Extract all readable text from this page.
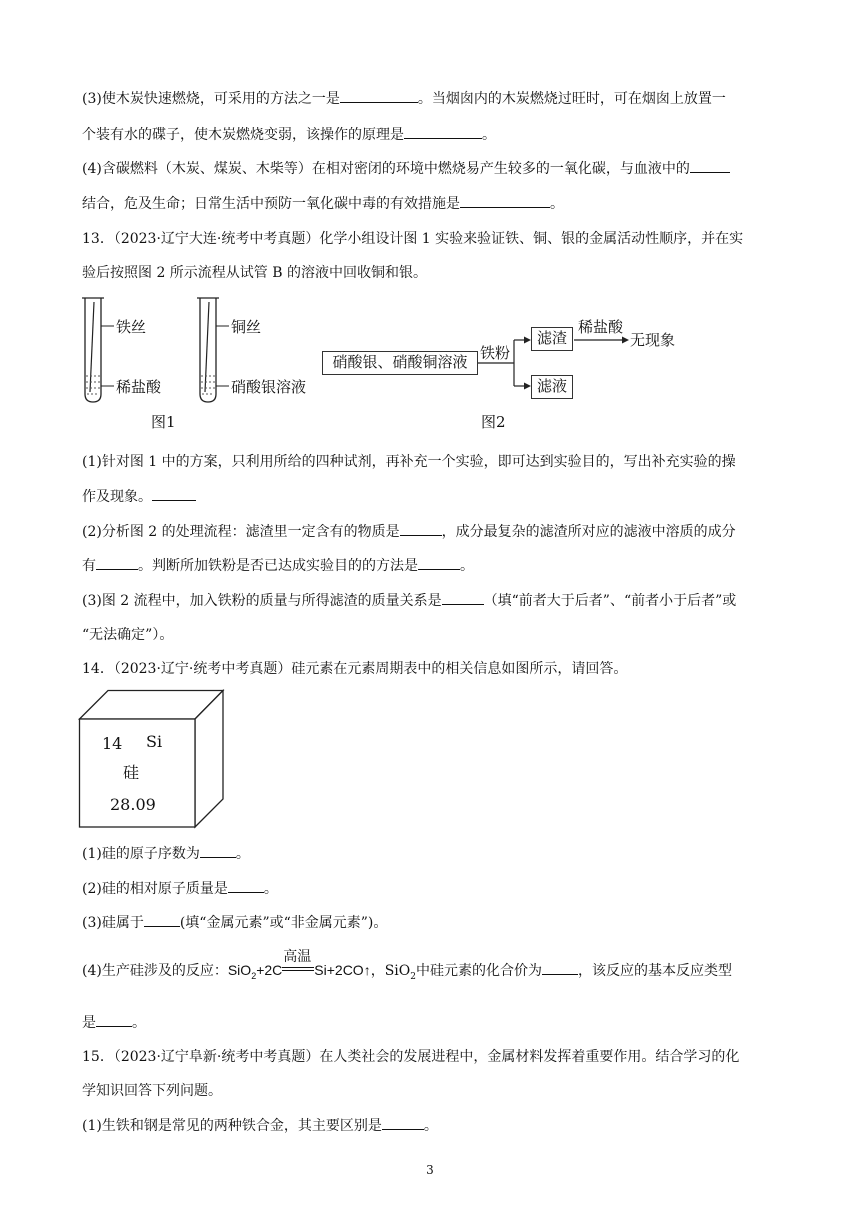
(3)使木炭快速燃烧，可采用的方法之一是	。当烟囱内的木炭燃烧过旺时，可在烟囱上放置一
个装有水的碟子，使木炭燃烧变弱，该操作的原理是	。
(4)含碳燃料（木炭、煤炭、木柴等）在相对密闭的环境中燃烧易产生较多的一氧化碳，与血液中的
结合，危及生命；日常生活中预防一氧化碳中毒的有效措施是	。
13．（2023·辽宁大连·统考中考真题）化学小组设计图 1 实验来验证铁、铜、银的金属活动性顺序，并在实
验后按照图 2 所示流程从试管 B 的溶液中回收铜和银。
铁丝
稀盐酸
铜丝
硝酸银溶液
图1
硝酸银、硝酸铜溶液
滤渣
滤液
铁粉
稀盐酸
无现象
图2
(1)针对图 1 中的方案，只利用所给的四种试剂，再补充一个实验，即可达到实验目的，写出补充实验的操
作及现象。
(2)分析图 2 的处理流程：滤渣里一定含有的物质是	，成分最复杂的滤渣所对应的滤液中溶质的成分
有	。判断所加铁粉是否已达成实验目的的方法是	。
(3)图 2 流程中，加入铁粉的质量与所得滤渣的质量关系是	（填“前者大于后者”、“前者小于后者”或
“无法确定”）。
14．（2023·辽宁·统考中考真题）硅元素在元素周期表中的相关信息如图所示，请回答。
14 Si
硅
28.09
(1)硅的原子序数为	。
(2)硅的相对原子质量是	。
(3)硅属于	(填“金属元素”或“非金属元素”)。
(4)生产硅涉及的反应：SiO$_2$+2C
高温
Si+2CO↑，SiO$_2$中硅元素的化合价为	，该反应的基本反应类型
是	。
15．（2023·辽宁阜新·统考中考真题）在人类社会的发展进程中，金属材料发挥着重要作用。结合学习的化
学知识回答下列问题。
(1)生铁和钢是常见的两种铁合金，其主要区别是	。
3
